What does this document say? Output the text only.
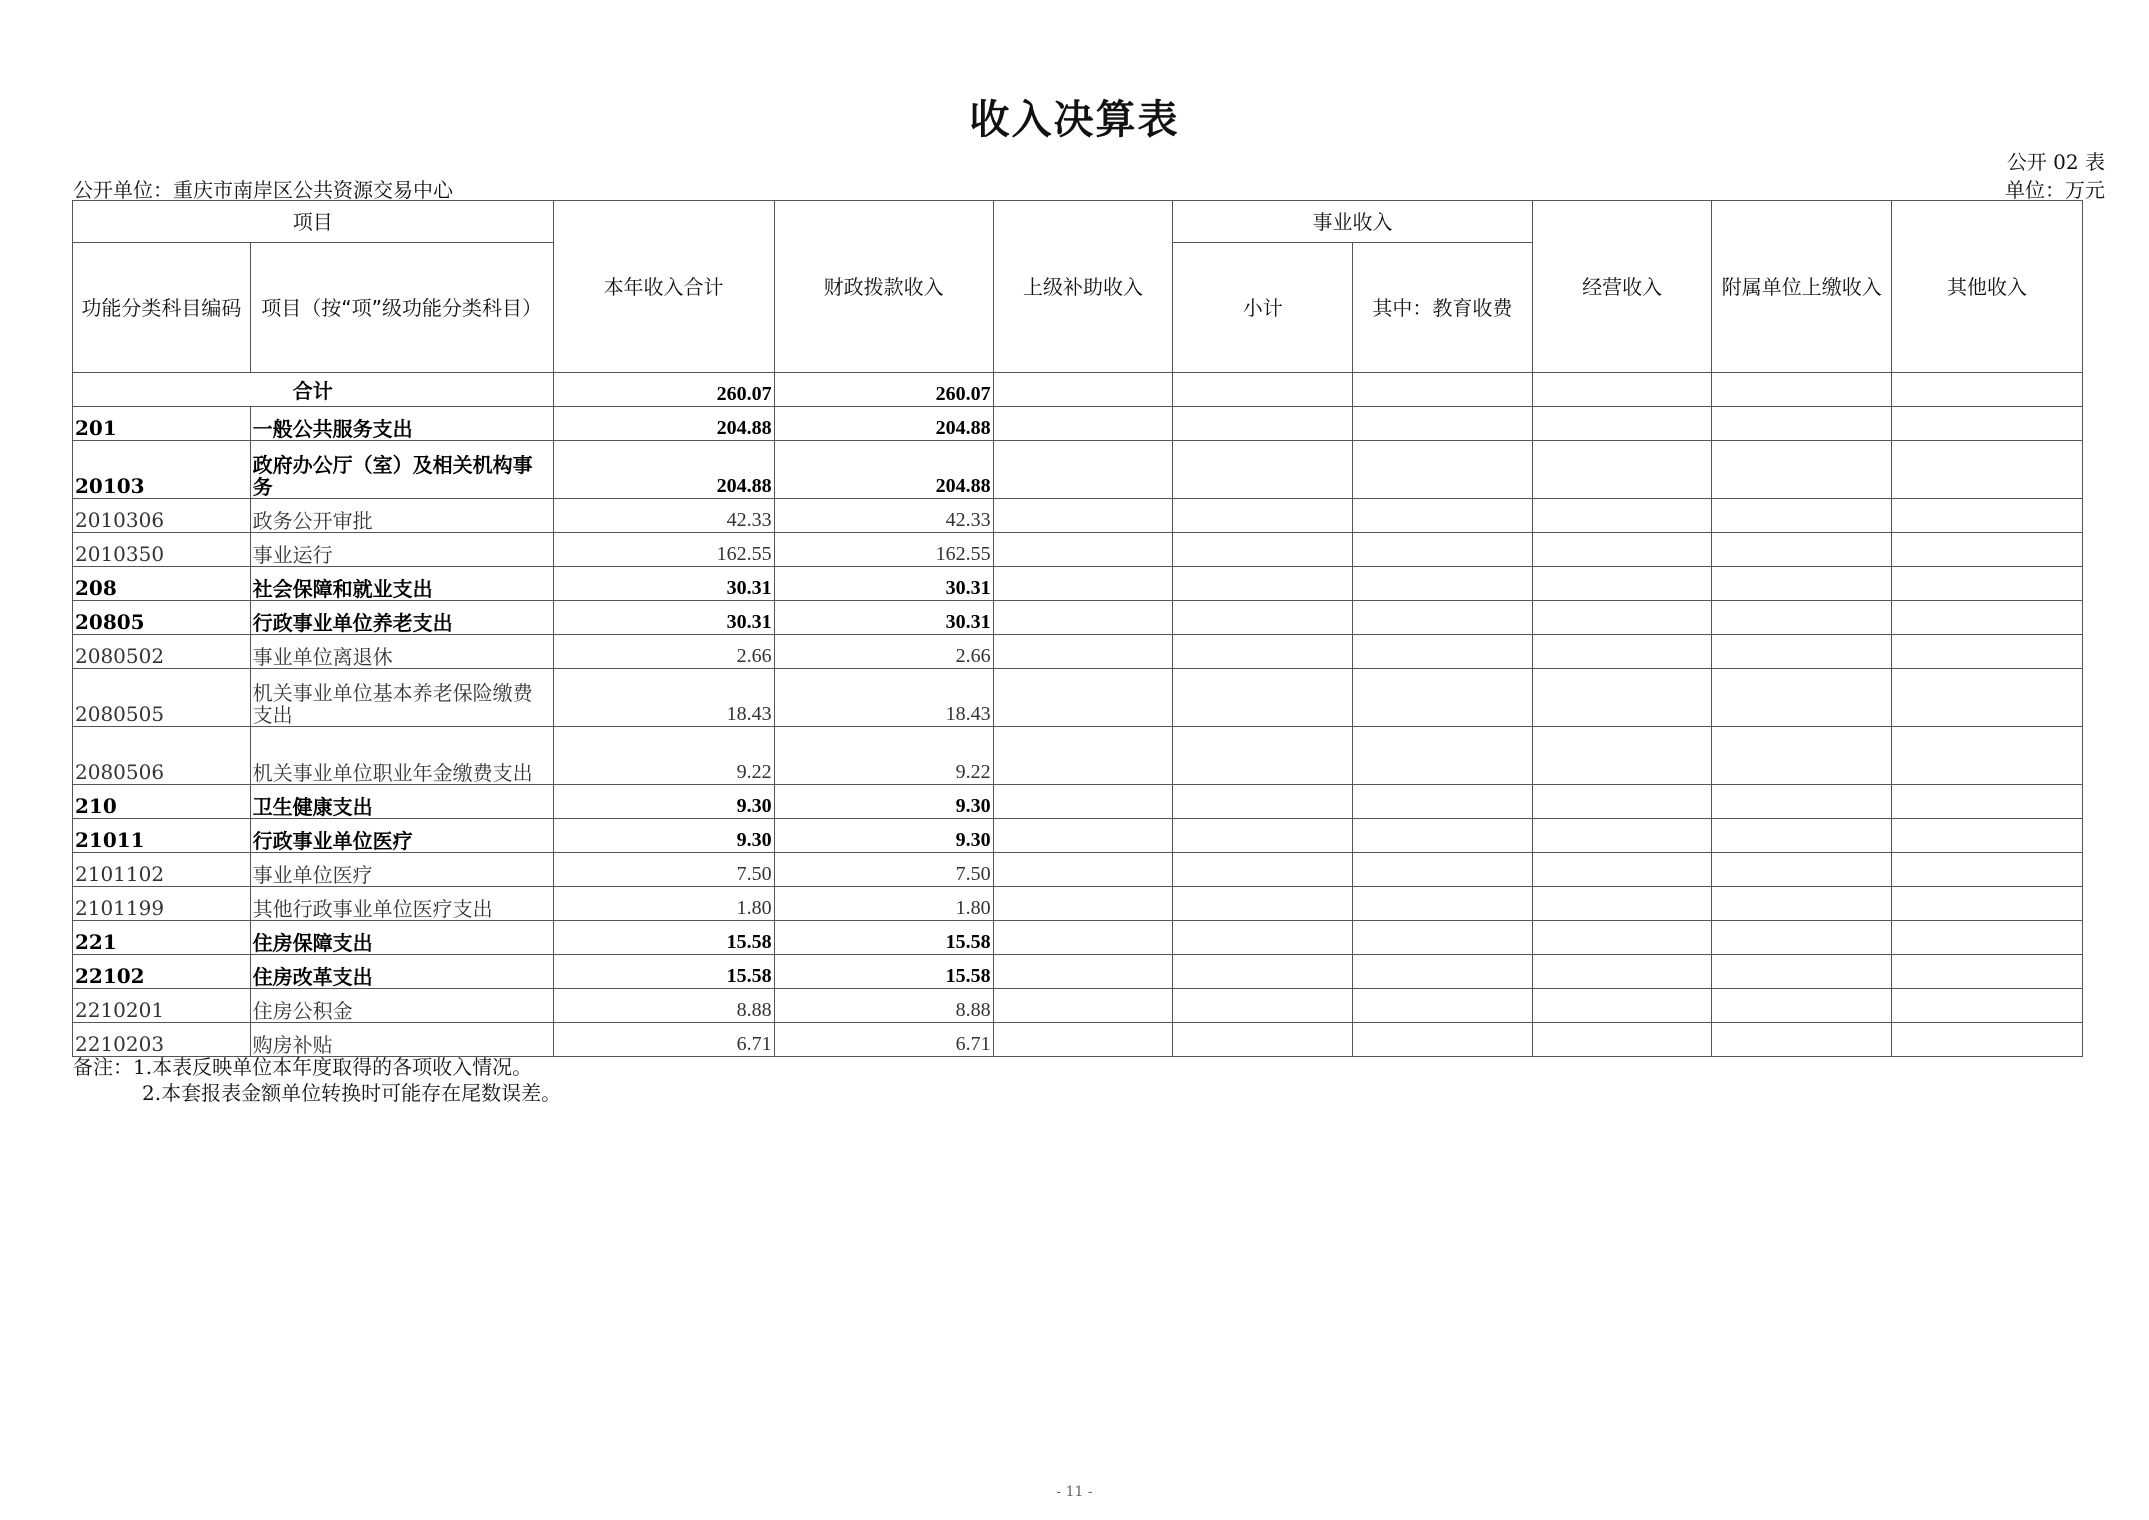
收入决算表
公开 02 表
公开单位：重庆市南岸区公共资源交易中心	单位：万元
项目		本年收入合计	财政拨款收入	上级补助收入	事业收入		经营收入	附属单位上缴收入	其他收入
功能分类科目编码	项目（按“项”级功能分类科目）				小计	其中：教育收费			
合计		260.07	260.07						
201	一般公共服务支出	204.88	204.88						
20103	政府办公厅（室）及相关机构事务	204.88	204.88						
2010306	政务公开审批	42.33	42.33						
2010350	事业运行	162.55	162.55						
208	社会保障和就业支出	30.31	30.31						
20805	行政事业单位养老支出	30.31	30.31						
2080502	事业单位离退休	2.66	2.66						
2080505	机关事业单位基本养老保险缴费支出	18.43	18.43						
2080506	机关事业单位职业年金缴费支出	9.22	9.22						
210	卫生健康支出	9.30	9.30						
21011	行政事业单位医疗	9.30	9.30						
2101102	事业单位医疗	7.50	7.50						
2101199	其他行政事业单位医疗支出	1.80	1.80						
221	住房保障支出	15.58	15.58						
22102	住房改革支出	15.58	15.58						
2210201	住房公积金	8.88	8.88						
2210203	购房补贴	6.71	6.71						
备注：1.本表反映单位本年度取得的各项收入情况。
2.本套报表金额单位转换时可能存在尾数误差。
- 11 -
